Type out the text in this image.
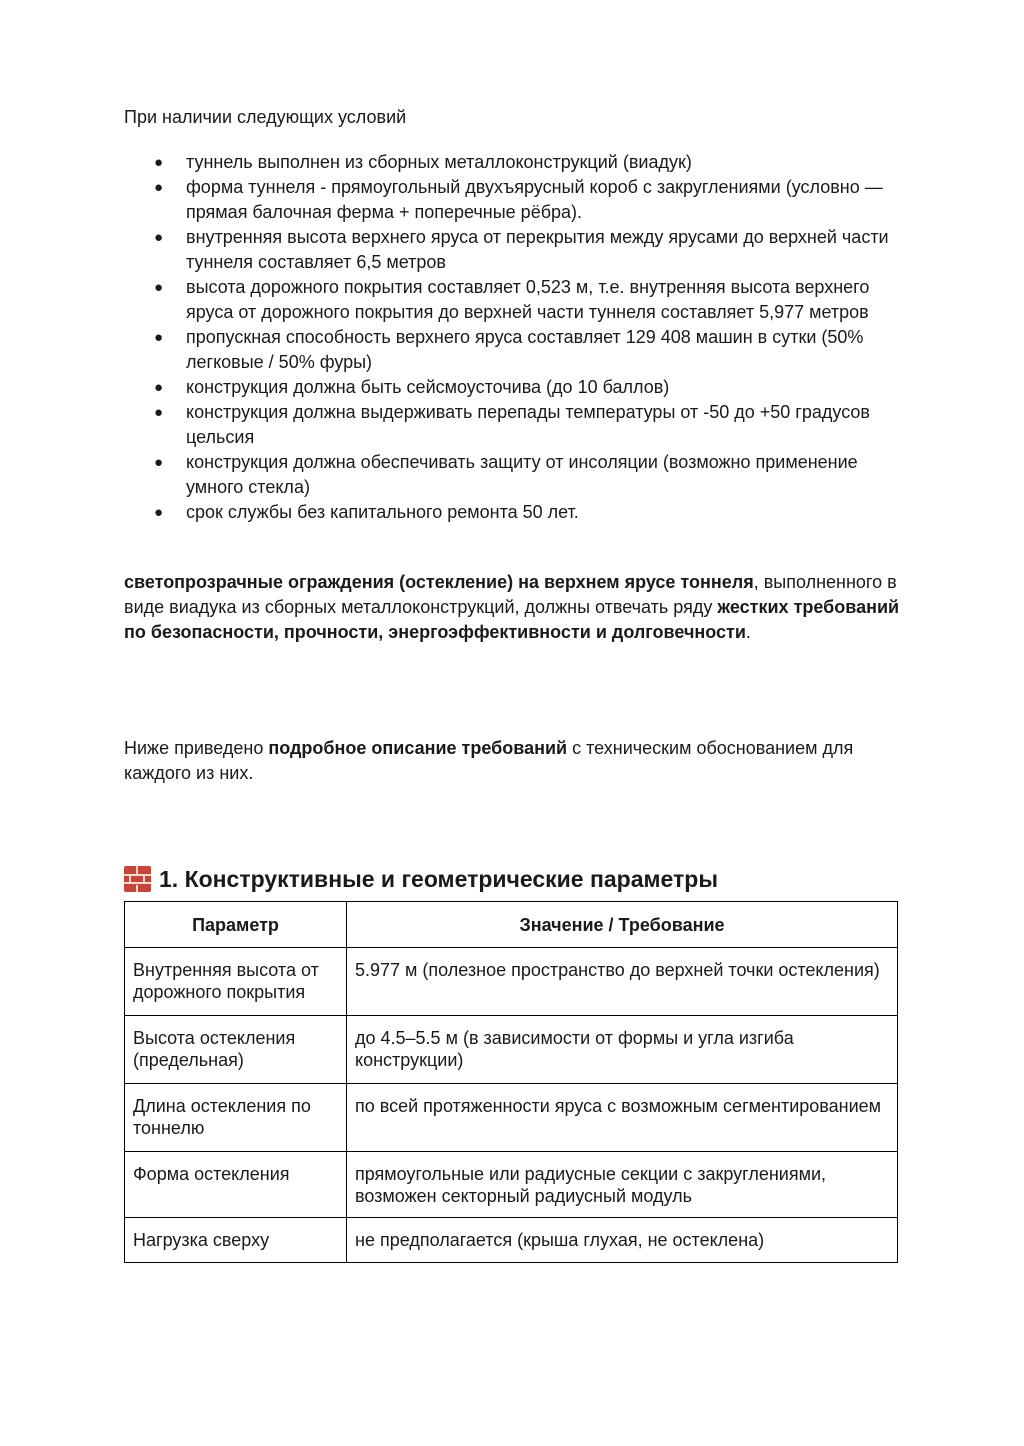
При наличии следующих условий

● туннель выполнен из сборных металлоконструкций (виадук)
● форма туннеля - прямоугольный двухъярусный короб с закруглениями (условно — прямая балочная ферма + поперечные рёбра).
● внутренняя высота верхнего яруса от перекрытия между ярусами до верхней части туннеля составляет 6,5 метров
● высота дорожного покрытия составляет 0,523 м, т.е. внутренняя высота верхнего яруса от дорожного покрытия до верхней части туннеля составляет 5,977 метров
● пропускная способность верхнего яруса составляет 129 408 машин в сутки (50% легковые / 50% фуры)
● конструкция должна быть сейсмоусточива (до 10 баллов)
● конструкция должна выдерживать перепады температуры от -50 до +50 градусов цельсия
● конструкция должна обеспечивать защиту от инсоляции (возможно применение умного стекла)
● срок службы без капитального ремонта 50 лет.

светопрозрачные ограждения (остекление) на верхнем ярусе тоннеля, выполненного в виде виадука из сборных металлоконструкций, должны отвечать ряду жестких требований по безопасности, прочности, энергоэффективности и долговечности.

Ниже приведено подробное описание требований с техническим обоснованием для каждого из них.

1. Конструктивные и геометрические параметры
Параметр	Значение / Требование
Внутренняя высота от дорожного покрытия	5.977 м (полезное пространство до верхней точки остекления)
Высота остекления (предельная)	до 4.5–5.5 м (в зависимости от формы и угла изгиба конструкции)
Длина остекления по тоннелю	по всей протяженности яруса с возможным сегментированием
Форма остекления	прямоугольные или радиусные секции с закруглениями, возможен секторный радиусный модуль
Нагрузка сверху	не предполагается (крыша глухая, не остеклена)
